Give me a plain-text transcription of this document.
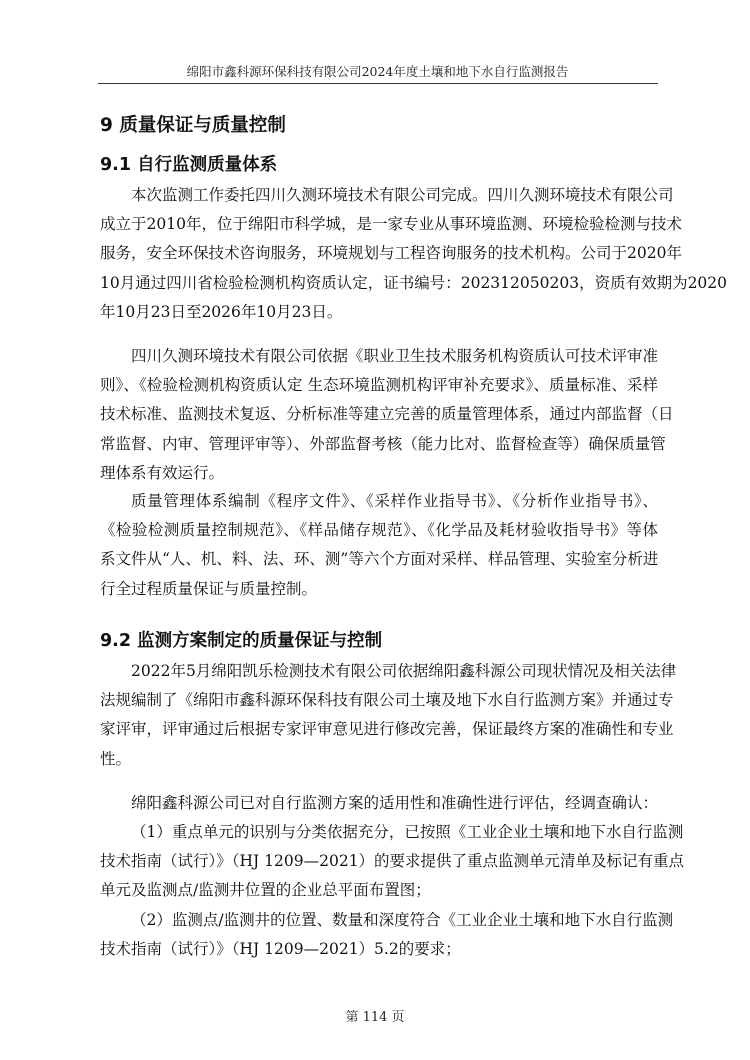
绵阳市鑫科源环保科技有限公司2024年度土壤和地下水自行监测报告
9 质量保证与质量控制
9.1 自行监测质量体系
本次监测工作委托四川久测环境技术有限公司完成。四川久测环境技术有限公司
成立于2010年，位于绵阳市科学城，是一家专业从事环境监测、环境检验检测与技术
服务，安全环保技术咨询服务，环境规划与工程咨询服务的技术机构。公司于2020年
10月通过四川省检验检测机构资质认定，证书编号：202312050203，资质有效期为2020
年10月23日至2026年10月23日。
四川久测环境技术有限公司依据《职业卫生技术服务机构资质认可技术评审准
则》、《检验检测机构资质认定 生态环境监测机构评审补充要求》、质量标准、采样
技术标准、监测技术复返、分析标准等建立完善的质量管理体系，通过内部监督（日
常监督、内审、管理评审等）、外部监督考核（能力比对、监督检查等）确保质量管
理体系有效运行。
质量管理体系编制《程序文件》、《采样作业指导书》、《分析作业指导书》、
《检验检测质量控制规范》、《样品储存规范》、《化学品及耗材验收指导书》等体
系文件从“人、机、料、法、环、测”等六个方面对采样、样品管理、实验室分析进
行全过程质量保证与质量控制。
9.2 监测方案制定的质量保证与控制
2022年5月绵阳凯乐检测技术有限公司依据绵阳鑫科源公司现状情况及相关法律
法规编制了《绵阳市鑫科源环保科技有限公司土壤及地下水自行监测方案》并通过专
家评审，评审通过后根据专家评审意见进行修改完善，保证最终方案的准确性和专业
性。
绵阳鑫科源公司已对自行监测方案的适用性和准确性进行评估，经调查确认：
（1）重点单元的识别与分类依据充分，已按照《工业企业土壤和地下水自行监测
技术指南（试行）》（HJ 1209—2021）的要求提供了重点监测单元清单及标记有重点
单元及监测点/监测井位置的企业总平面布置图；
（2）监测点/监测井的位置、数量和深度符合《工业企业土壤和地下水自行监测
技术指南（试行）》（HJ 1209—2021）5.2的要求；
第 114 页
